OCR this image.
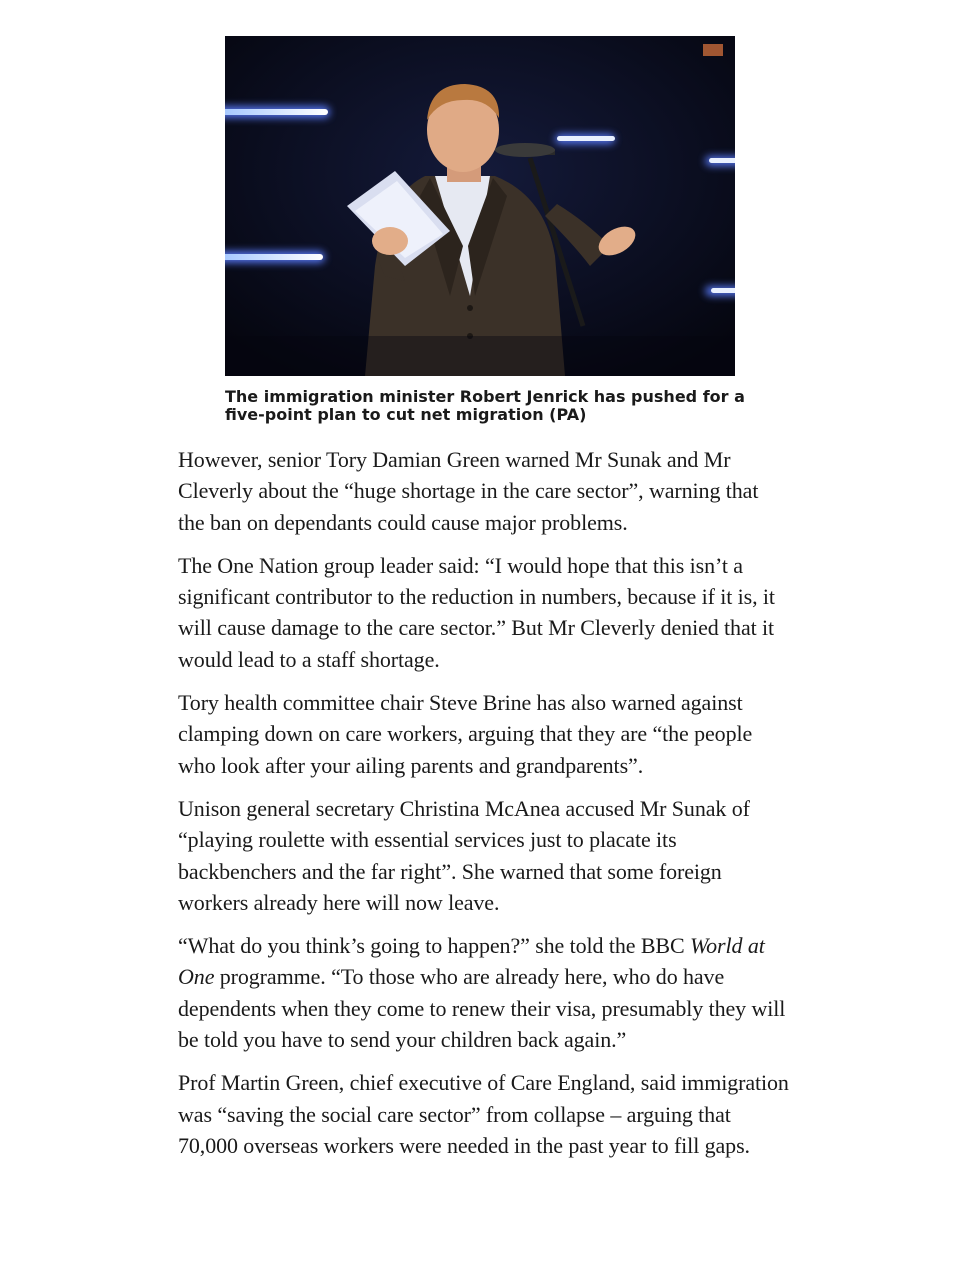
The immigration minister Robert Jenrick has pushed for a five-point plan to cut net migration (PA)

However, senior Tory Damian Green warned Mr Sunak and Mr Cleverly about the “huge shortage in the care sector”, warning that the ban on dependants could cause major problems.

The One Nation group leader said: “I would hope that this isn’t a significant contributor to the reduction in numbers, because if it is, it will cause damage to the care sector.” But Mr Cleverly denied that it would lead to a staff shortage.

Tory health committee chair Steve Brine has also warned against clamping down on care workers, arguing that they are “the people who look after your ailing parents and grandparents”.

Unison general secretary Christina McAnea accused Mr Sunak of “playing roulette with essential services just to placate its backbenchers and the far right”. She warned that some foreign workers already here will now leave.

“What do you think’s going to happen?” she told the BBC World at One programme. “To those who are already here, who do have dependents when they come to renew their visa, presumably they will be told you have to send your children back again.”

Prof Martin Green, chief executive of Care England, said immigration was “saving the social care sector” from collapse – arguing that 70,000 overseas workers were needed in the past year to fill gaps.
